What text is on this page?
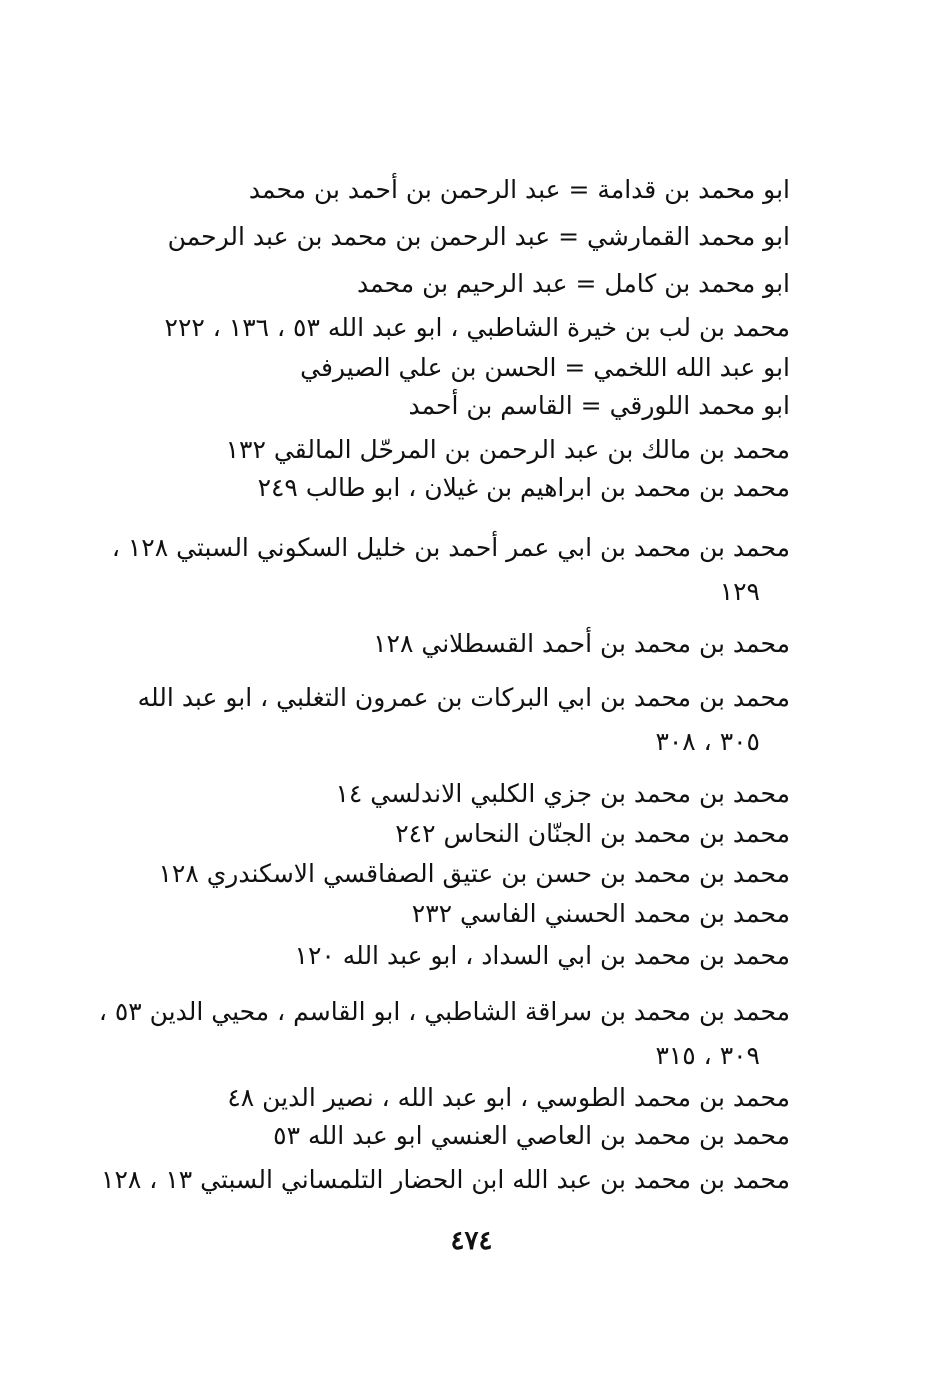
ابو محمد بن قدامة = عبد الرحمن بن أحمد بن محمد
ابو محمد القمارشي = عبد الرحمن بن محمد بن عبد الرحمن
ابو محمد بن كامل = عبد الرحيم بن محمد
محمد بن لب بن خيرة الشاطبي ، ابو عبد الله ٥٣ ، ١٣٦ ، ٢٢٢
ابو عبد الله اللخمي = الحسن بن علي الصيرفي
ابو محمد اللورقي = القاسم بن أحمد
محمد بن مالك بن عبد الرحمن بن المرحّل المالقي ١٣٢
محمد بن محمد بن ابراهيم بن غيلان ، ابو طالب ٢٤٩
محمد بن محمد بن ابي عمر أحمد بن خليل السكوني السبتي ١٢٨ ،
١٢٩
محمد بن محمد بن أحمد القسطلاني ١٢٨
محمد بن محمد بن ابي البركات بن عمرون التغلبي ، ابو عبد الله
٣٠٥ ، ٣٠٨
محمد بن محمد بن جزي الكلبي الاندلسي ١٤
محمد بن محمد بن الجنّان النحاس ٢٤٢
محمد بن محمد بن حسن بن عتيق الصفاقسي الاسكندري ١٢٨
محمد بن محمد الحسني الفاسي ٢٣٢
محمد بن محمد بن ابي السداد ، ابو عبد الله ١٢٠
محمد بن محمد بن سراقة الشاطبي ، ابو القاسم ، محيي الدين ٥٣ ،
٣٠٩ ، ٣١٥
محمد بن محمد الطوسي ، ابو عبد الله ، نصير الدين ٤٨
محمد بن محمد بن العاصي العنسي ابو عبد الله ٥٣
محمد بن محمد بن عبد الله ابن الحضار التلمساني السبتي ١٣ ، ١٢٨
٤٧٤
